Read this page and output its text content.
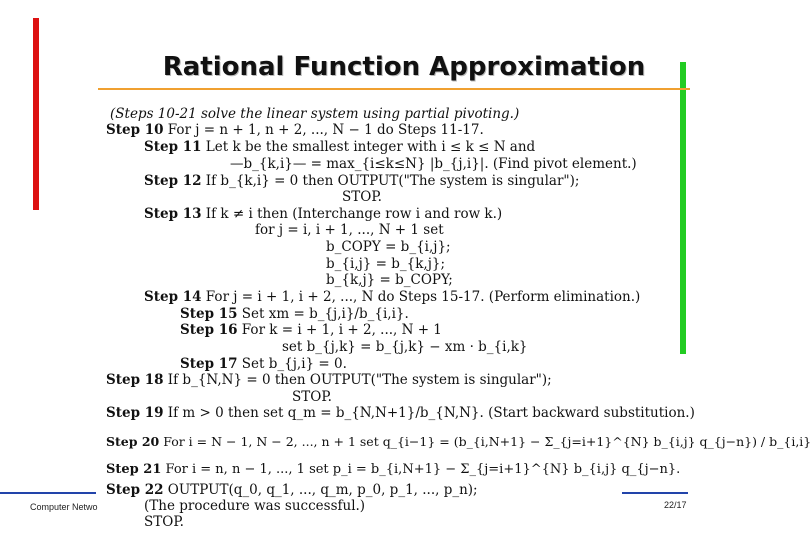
Rational Function Approximation
(Steps 10-21 solve the linear system using partial pivoting.)
Step 10 For j = n + 1, n + 2, ..., N − 1 do Steps 11-17.
Step 11 Let k be the smallest integer with i ≤ k ≤ N and
—b_{k,i}— = max_{i≤k≤N} |b_{j,i}|. (Find pivot element.)
Step 12 If b_{k,i} = 0 then OUTPUT("The system is singular");
STOP.
Step 13 If k ≠ i then (Interchange row i and row k.)
for j = i, i + 1, ..., N + 1 set
b_COPY = b_{i,j};
b_{i,j} = b_{k,j};
b_{k,j} = b_COPY;
Step 14 For j = i + 1, i + 2, ..., N do Steps 15-17. (Perform elimination.)
Step 15 Set xm = b_{j,i}/b_{i,i}.
Step 16 For k = i + 1, i + 2, ..., N + 1
set b_{j,k} = b_{j,k} − xm · b_{i,k}
Step 17 Set b_{j,i} = 0.
Step 18 If b_{N,N} = 0 then OUTPUT("The system is singular");
STOP.
Step 19 If m > 0 then set q_m = b_{N,N+1}/b_{N,N}. (Start backward substitution.)
Step 20 For i = N − 1, N − 2, ..., n + 1 set q_{i−1} = (b_{i,N+1} − Σ_{j=i+1}^{N} b_{i,j} q_{j−n}) / b_{i,i}
Step 21 For i = n, n − 1, ..., 1 set p_i = b_{i,N+1} − Σ_{j=i+1}^{N} b_{i,j} q_{j−n}.
Step 22 OUTPUT(q_0, q_1, ..., q_m, p_0, p_1, ..., p_n);
(The procedure was successful.)
STOP.
Computer Netwo	22/17
